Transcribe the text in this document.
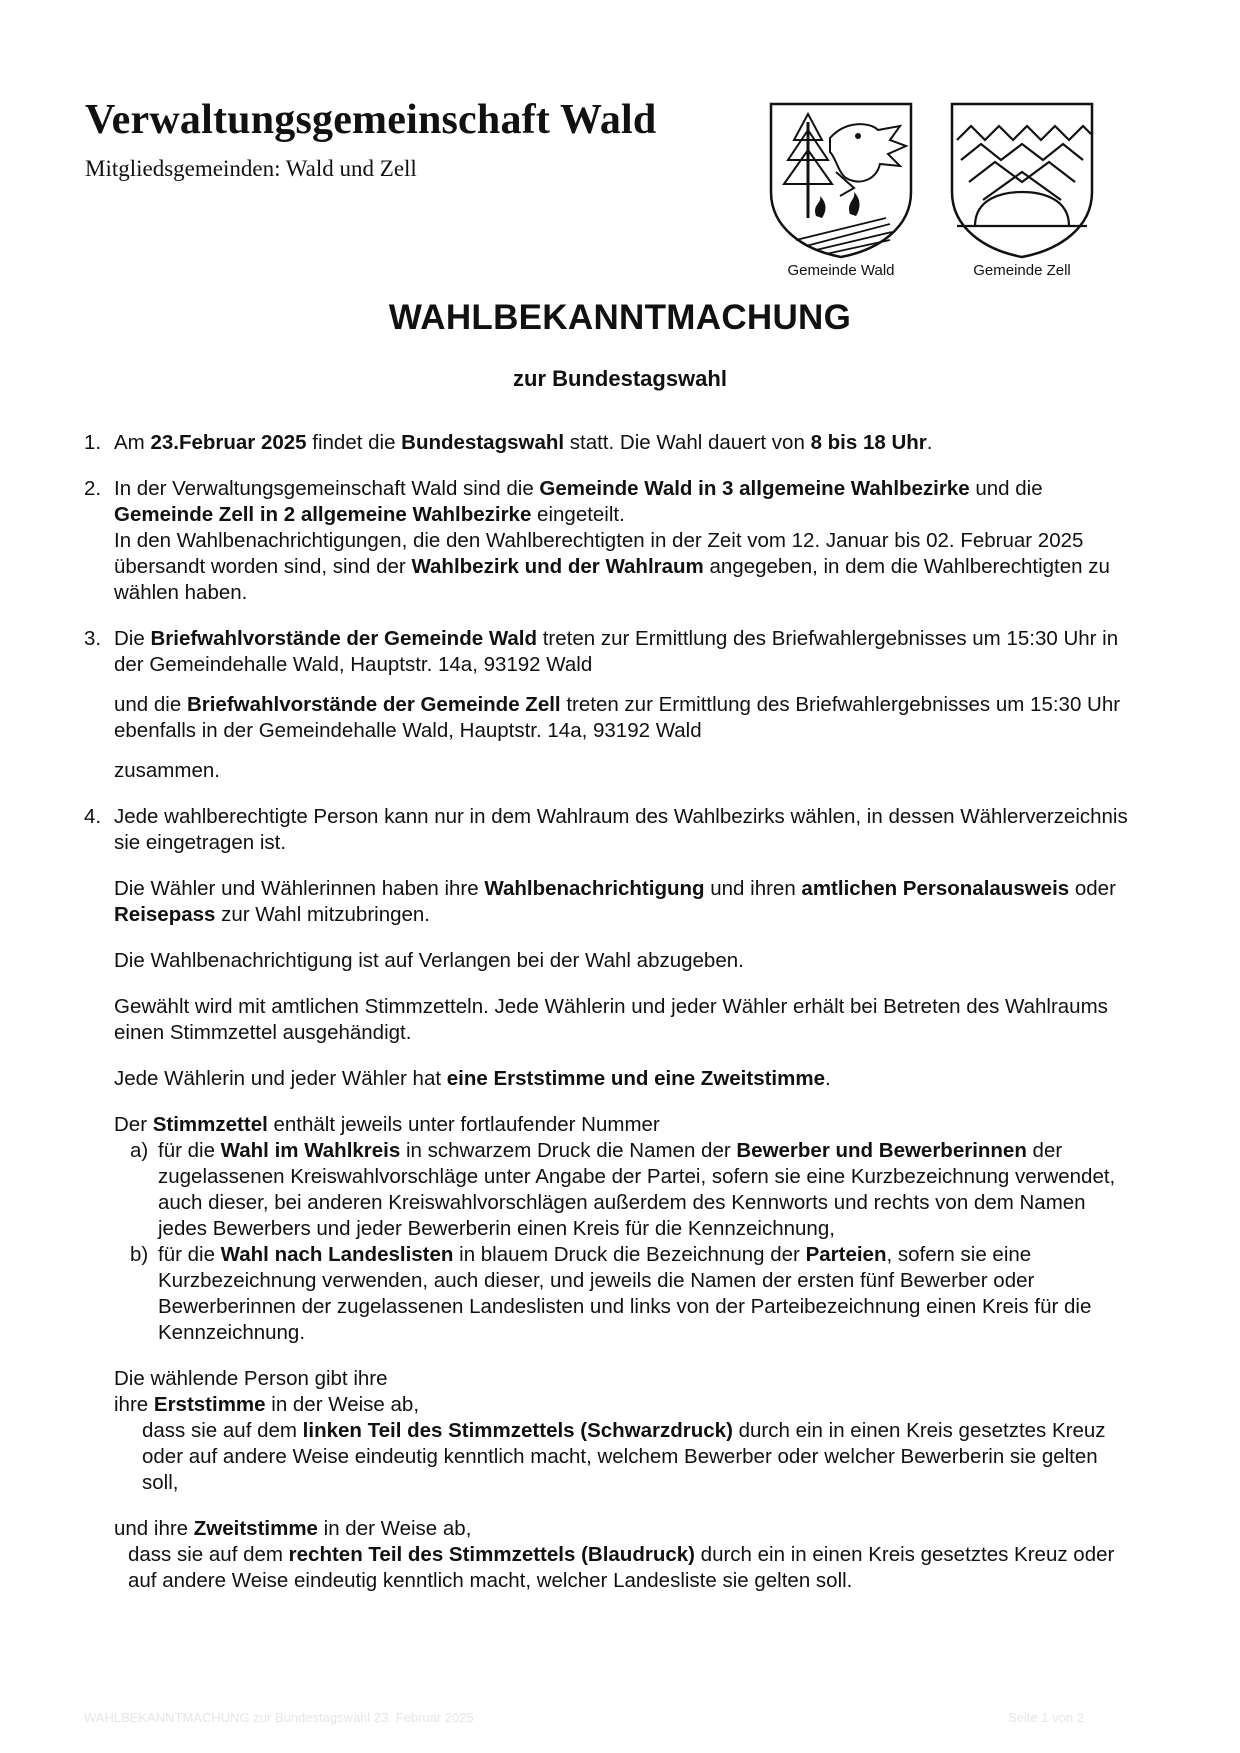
Verwaltungsgemeinschaft Wald
Mitgliedsgemeinden: Wald und Zell
Gemeinde Wald	Gemeinde Zell
WAHLBEKANNTMACHUNG
zur Bundestagswahl
1. Am 23.Februar 2025 findet die Bundestagswahl statt. Die Wahl dauert von 8 bis 18 Uhr.

2. In der Verwaltungsgemeinschaft Wald sind die Gemeinde Wald in 3 allgemeine Wahlbezirke und die Gemeinde Zell in 2 allgemeine Wahlbezirke eingeteilt.

In den Wahlbenachrichtigungen, die den Wahlberechtigten in der Zeit vom 12. Januar bis 02. Februar 2025 übersandt worden sind, sind der Wahlbezirk und der Wahlraum angegeben, in dem die Wahlberechtigten zu wählen haben.

3. Die Briefwahlvorstände der Gemeinde Wald treten zur Ermittlung des Briefwahlergebnisses um 15:30 Uhr in der Gemeindehalle Wald, Hauptstr. 14a, 93192 Wald

und die Briefwahlvorstände der Gemeinde Zell treten zur Ermittlung des Briefwahlergebnisses um 15:30 Uhr ebenfalls in der Gemeindehalle Wald, Hauptstr. 14a, 93192 Wald

zusammen.

4. Jede wahlberechtigte Person kann nur in dem Wahlraum des Wahlbezirks wählen, in dessen Wählerverzeichnis sie eingetragen ist.

Die Wähler und Wählerinnen haben ihre Wahlbenachrichtigung und ihren amtlichen Personalausweis oder Reisepass zur Wahl mitzubringen.

Die Wahlbenachrichtigung ist auf Verlangen bei der Wahl abzugeben.

Gewählt wird mit amtlichen Stimmzetteln. Jede Wählerin und jeder Wähler erhält bei Betreten des Wahlraums einen Stimmzettel ausgehändigt.

Jede Wählerin und jeder Wähler hat eine Erststimme und eine Zweitstimme.

Der Stimmzettel enthält jeweils unter fortlaufender Nummer

a) für die Wahl im Wahlkreis in schwarzem Druck die Namen der Bewerber und Bewerberinnen der zugelassenen Kreiswahlvorschläge unter Angabe der Partei, sofern sie eine Kurzbezeichnung verwendet, auch dieser, bei anderen Kreiswahlvorschlägen außerdem des Kennworts und rechts von dem Namen jedes Bewerbers und jeder Bewerberin einen Kreis für die Kennzeichnung,

b) für die Wahl nach Landeslisten in blauem Druck die Bezeichnung der Parteien, sofern sie eine Kurzbezeichnung verwenden, auch dieser, und jeweils die Namen der ersten fünf Bewerber oder Bewerberinnen der zugelassenen Landeslisten und links von der Parteibezeichnung einen Kreis für die Kennzeichnung.

Die wählende Person gibt ihre

ihre Erststimme in der Weise ab,

dass sie auf dem linken Teil des Stimmzettels (Schwarzdruck) durch ein in einen Kreis gesetztes Kreuz oder auf andere Weise eindeutig kenntlich macht, welchem Bewerber oder welcher Bewerberin sie gelten soll,

und ihre Zweitstimme in der Weise ab,

dass sie auf dem rechten Teil des Stimmzettels (Blaudruck) durch ein in einen Kreis gesetztes Kreuz oder auf andere Weise eindeutig kenntlich macht, welcher Landesliste sie gelten soll.

WAHLBEKANNTMACHUNG zur Bundestagswahl 23. Februar 2025	Seite 1 von 2
